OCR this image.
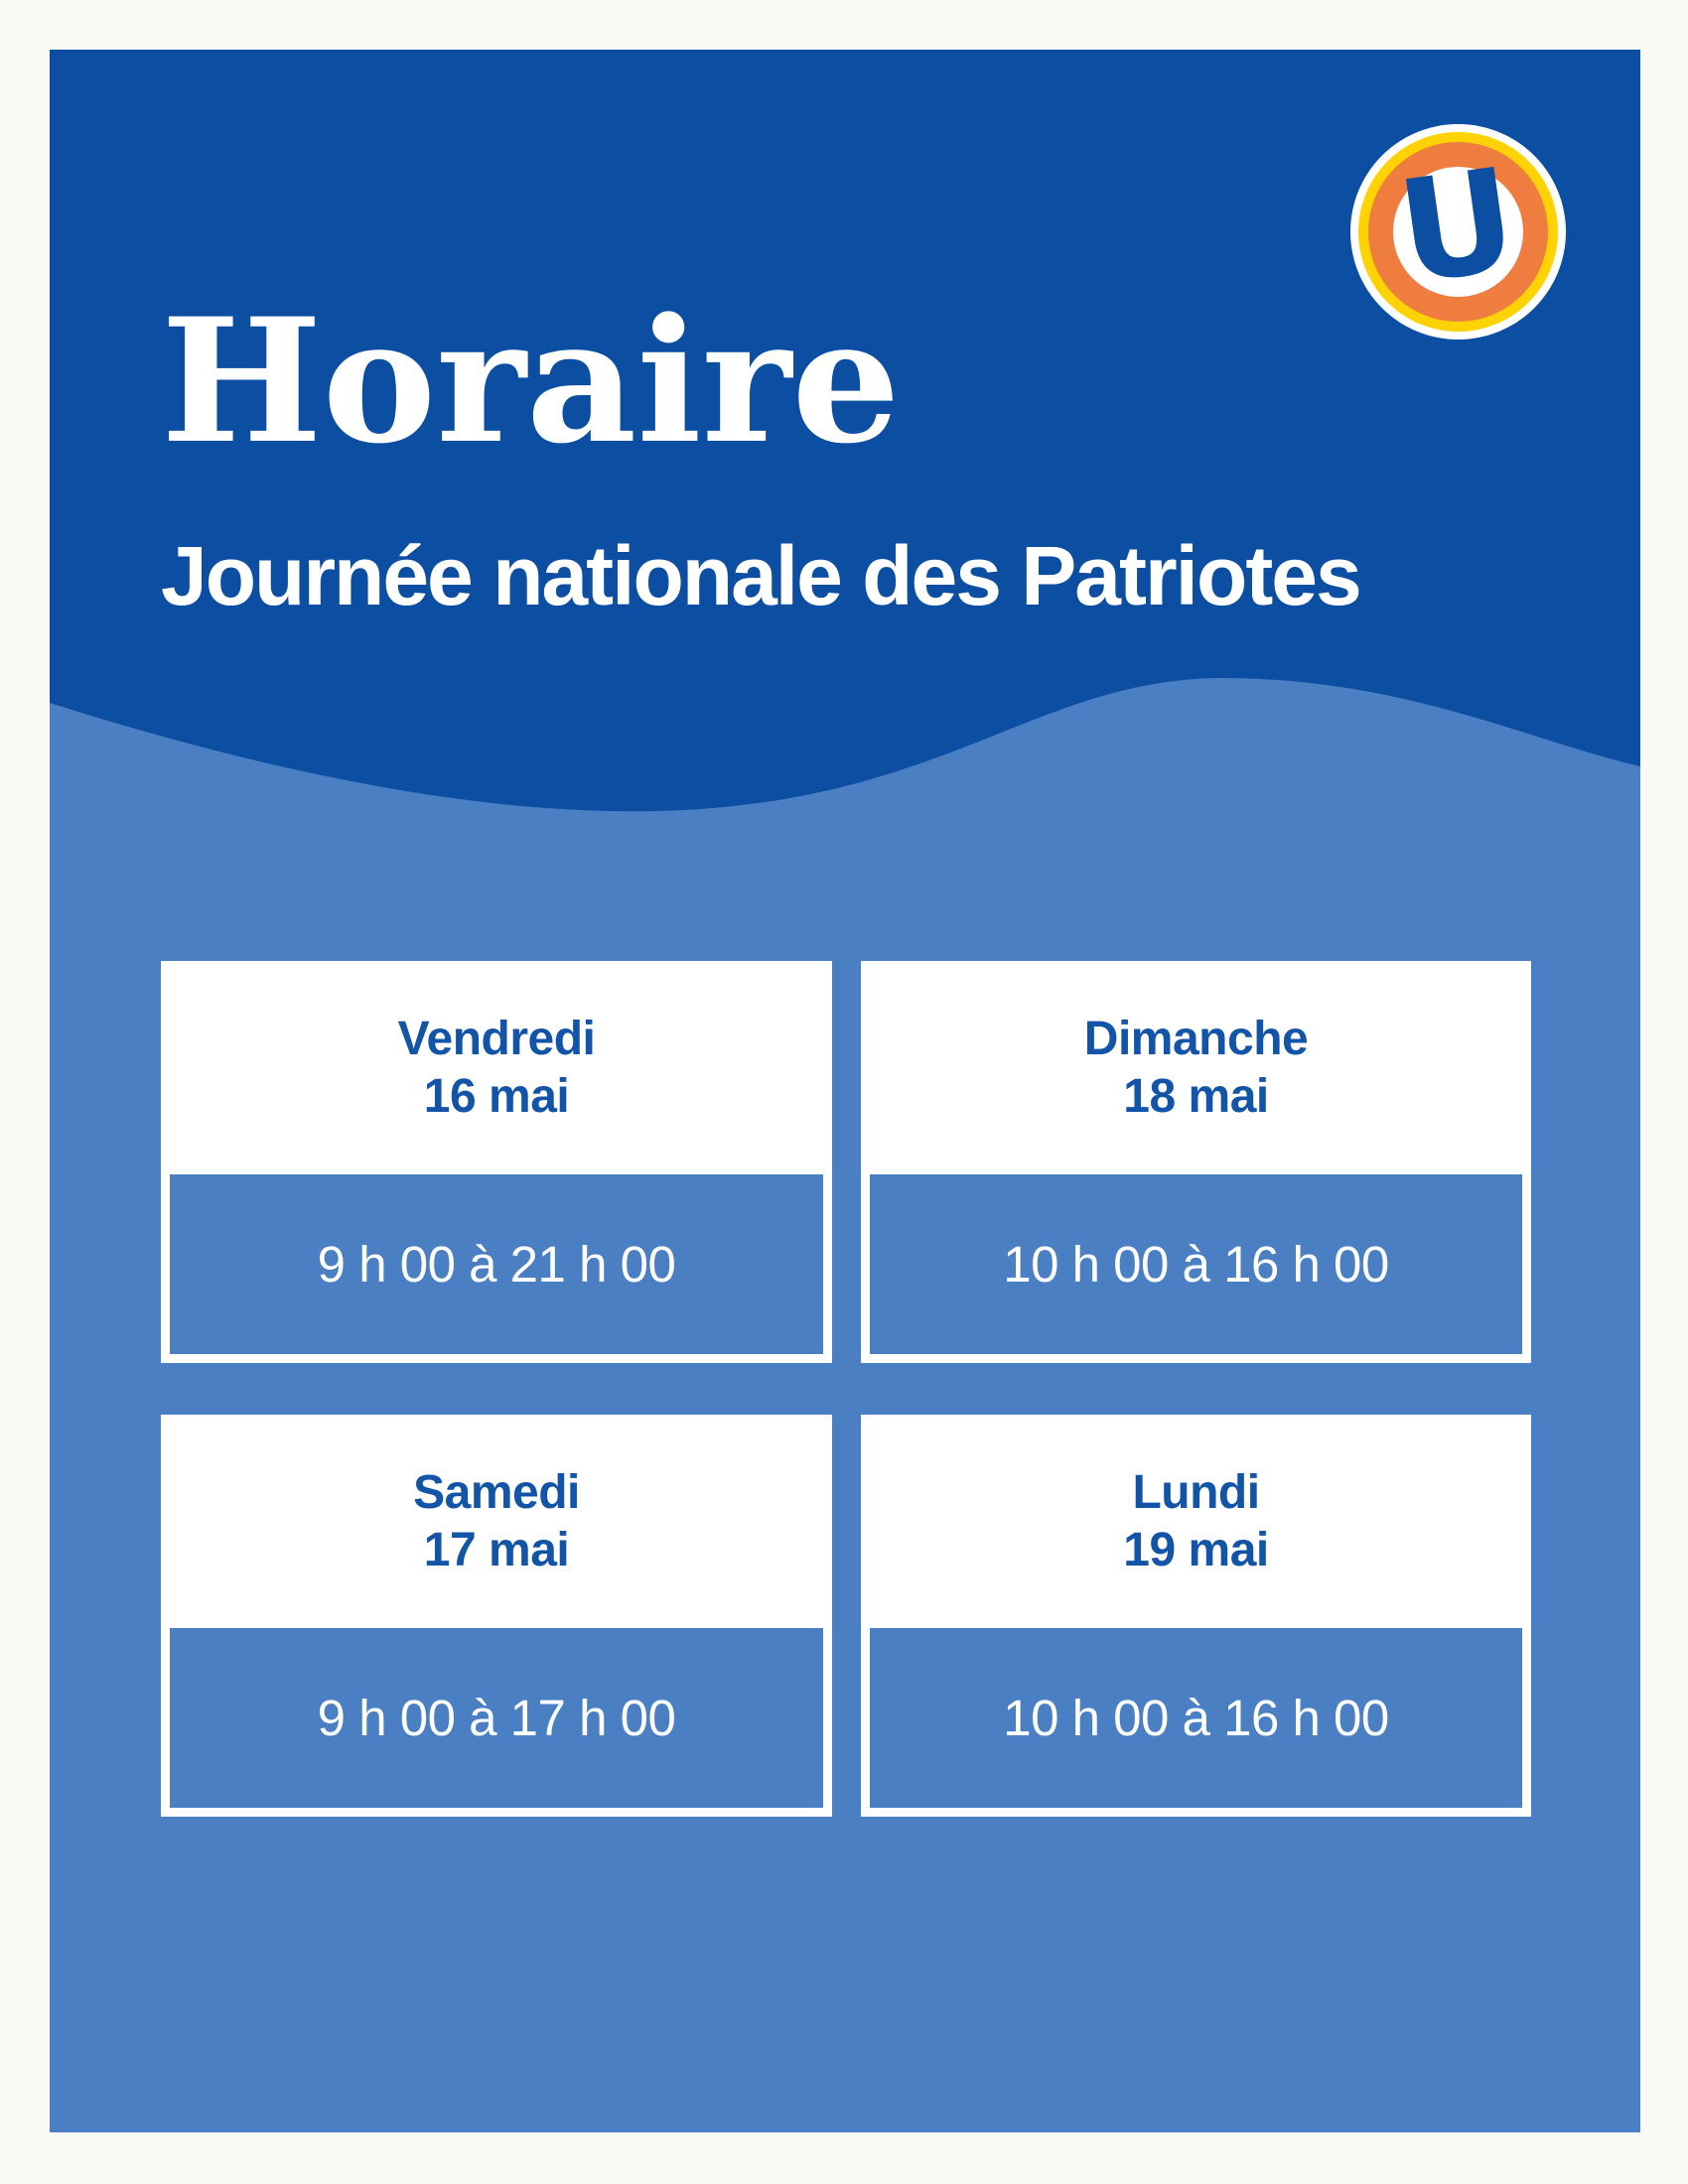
U
Horaire
Journée nationale des Patriotes
Vendredi
16 mai
9 h 00 à 21 h 00
Dimanche
18 mai
10 h 00 à 16 h 00
Samedi
17 mai
9 h 00 à 17 h 00
Lundi
19 mai
10 h 00 à 16 h 00
